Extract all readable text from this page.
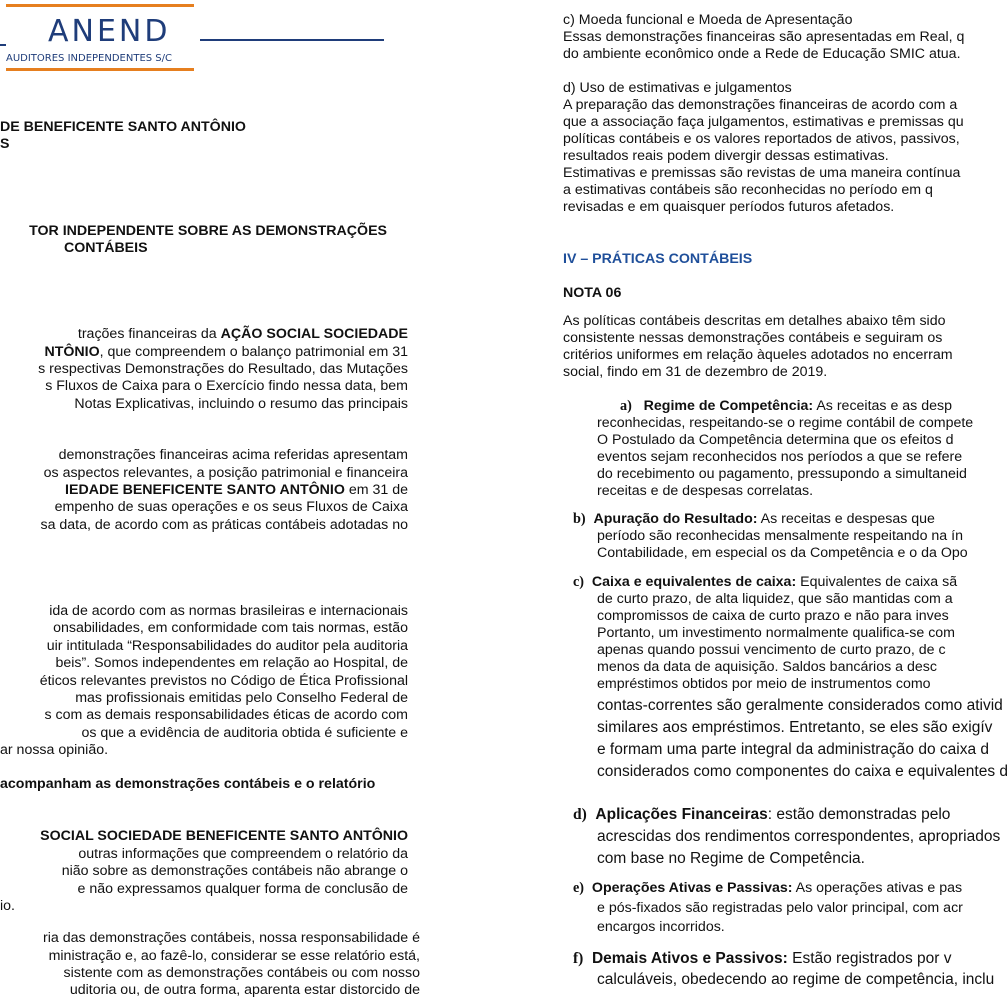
ANEND
AUDITORES INDEPENDENTES S/C
DE BENEFICENTE SANTO ANTÔNIO
S
TOR INDEPENDENTE SOBRE AS DEMONSTRAÇÕES
CONTÁBEIS
trações financeiras da AÇÃO SOCIAL SOCIEDADE
NTÔNIO, que compreendem o balanço patrimonial em 31
s respectivas Demonstrações do Resultado, das Mutações
s Fluxos de Caixa para o Exercício findo nessa data, bem
Notas Explicativas, incluindo o resumo das principais
demonstrações financeiras acima referidas apresentam
os aspectos relevantes, a posição patrimonial e financeira
IEDADE BENEFICENTE SANTO ANTÔNIO em 31 de
empenho de suas operações e os seus Fluxos de Caixa
sa data, de acordo com as práticas contábeis adotadas no
ida de acordo com as normas brasileiras e internacionais
onsabilidades, em conformidade com tais normas, estão
uir intitulada “Responsabilidades do auditor pela auditoria
beis”. Somos independentes em relação ao Hospital, de
éticos relevantes previstos no Código de Ética Profissional
mas profissionais emitidas pelo Conselho Federal de
s com as demais responsabilidades éticas de acordo com
os que a evidência de auditoria obtida é suficiente e
ar nossa opinião.
acompanham as demonstrações contábeis e o relatório
SOCIAL SOCIEDADE BENEFICENTE SANTO ANTÔNIO
outras informações que compreendem o relatório da
nião sobre as demonstrações contábeis não abrange o
e não expressamos qualquer forma de conclusão de
io.
ria das demonstrações contábeis, nossa responsabilidade é
ministração e, ao fazê-lo, considerar se esse relatório está,
sistente com as demonstrações contábeis ou com nosso
uditoria ou, de outra forma, aparenta estar distorcido de
c) Moeda funcional e Moeda de Apresentação
Essas demonstrações financeiras são apresentadas em Real, q
do ambiente econômico onde a Rede de Educação SMIC atua.
d) Uso de estimativas e julgamentos
A preparação das demonstrações financeiras de acordo com a
que a associação faça julgamentos, estimativas e premissas qu
políticas contábeis e os valores reportados de ativos, passivos,
resultados reais podem divergir dessas estimativas.
Estimativas e premissas são revistas de uma maneira contínua
a estimativas contábeis são reconhecidas no período em q
revisadas e em quaisquer períodos futuros afetados.
IV – PRÁTICAS CONTÁBEIS
NOTA 06
As políticas contábeis descritas em detalhes abaixo têm sido
consistente nessas demonstrações contábeis e seguiram os
critérios uniformes em relação àqueles adotados no encerram
social, findo em 31 de dezembro de 2019.
a) Regime de Competência: As receitas e as desp
reconhecidas, respeitando-se o regime contábil de compete
O Postulado da Competência determina que os efeitos d
eventos sejam reconhecidos nos períodos a que se refere
do recebimento ou pagamento, pressupondo a simultaneid
receitas e de despesas correlatas.
b) Apuração do Resultado: As receitas e despesas que
período são reconhecidas mensalmente respeitando na ín
Contabilidade, em especial os da Competência e o da Opo
c) Caixa e equivalentes de caixa: Equivalentes de caixa sã
de curto prazo, de alta liquidez, que são mantidas com a
compromissos de caixa de curto prazo e não para inves
Portanto, um investimento normalmente qualifica-se com
apenas quando possui vencimento de curto prazo, de c
menos da data de aquisição. Saldos bancários a desc
empréstimos obtidos por meio de instrumentos como
contas-correntes são geralmente considerados como ativid
similares aos empréstimos. Entretanto, se eles são exigív
e formam uma parte integral da administração do caixa d
considerados como componentes do caixa e equivalentes d
d) Aplicações Financeiras: estão demonstradas pelo
acrescidas dos rendimentos correspondentes, apropriados
com base no Regime de Competência.
e) Operações Ativas e Passivas: As operações ativas e pas
e pós-fixados são registradas pelo valor principal, com acr
encargos incorridos.
f) Demais Ativos e Passivos: Estão registrados por v
calculáveis, obedecendo ao regime de competência, inclu
